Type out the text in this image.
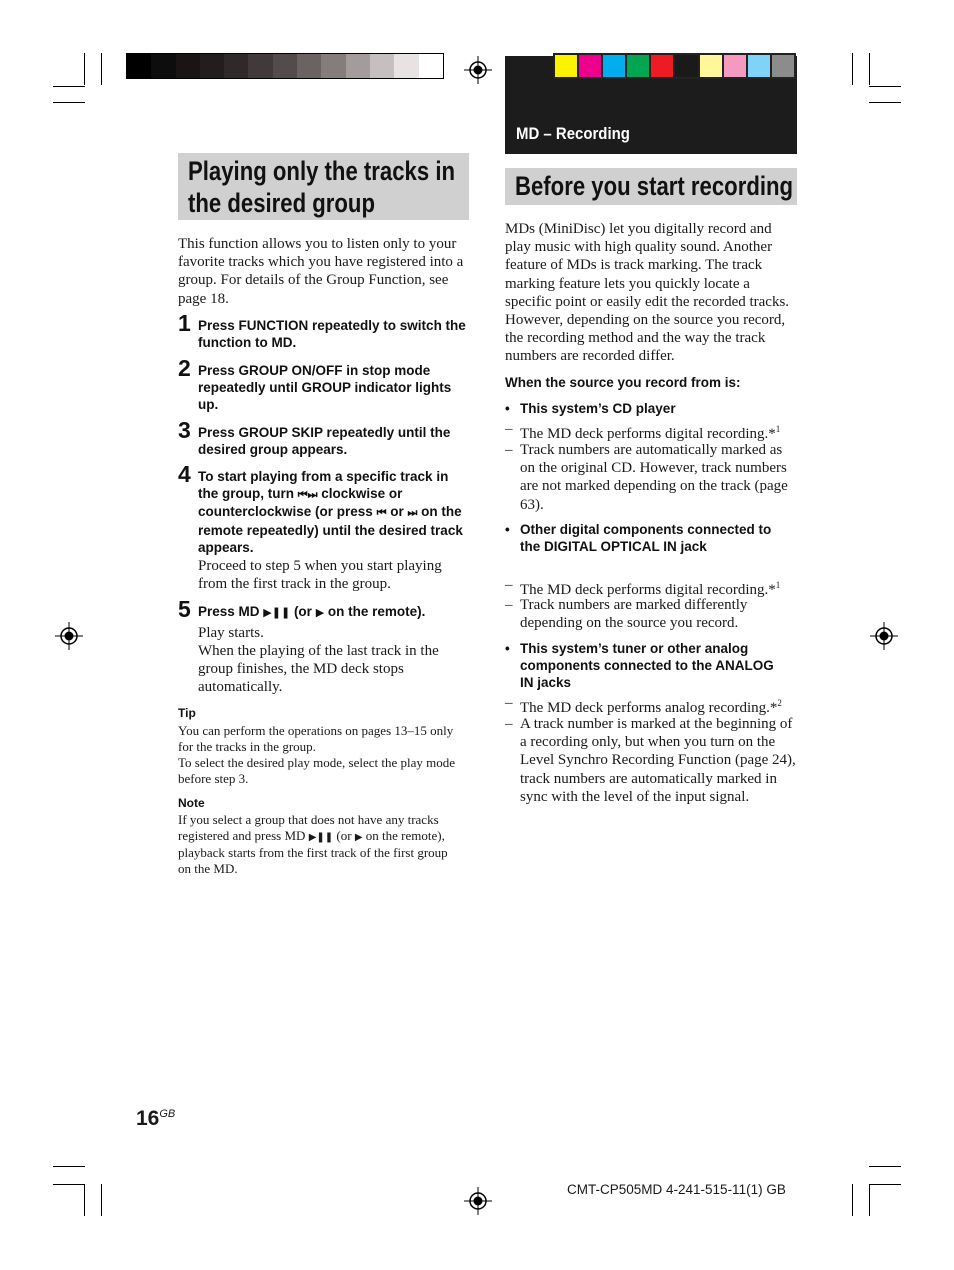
MD – Recording
Playing only the tracks in
the desired group
This function allows you to listen only to your favorite tracks which you have registered into a group. For details of the Group Function, see page 18.
1 Press FUNCTION repeatedly to switch the function to MD.
2 Press GROUP ON/OFF in stop mode repeatedly until GROUP indicator lights up.
3 Press GROUP SKIP repeatedly until the desired group appears.
4 To start playing from a specific track in the group, turn ⏮⏭ clockwise or counterclockwise (or press ⏮ or ⏭ on the remote repeatedly) until the desired track appears.
Proceed to step 5 when you start playing from the first track in the group.
5 Press MD ▶❚❚ (or ▶ on the remote).
Play starts.
When the playing of the last track in the group finishes, the MD deck stops automatically.
Tip
You can perform the operations on pages 13–15 only for the tracks in the group.
To select the desired play mode, select the play mode before step 3.
Note
If you select a group that does not have any tracks registered and press MD ▶❚❚ (or ▶ on the remote), playback starts from the first track of the first group on the MD.
Before you start recording
MDs (MiniDisc) let you digitally record and play music with high quality sound. Another feature of MDs is track marking. The track marking feature lets you quickly locate a specific point or easily edit the recorded tracks. However, depending on the source you record, the recording method and the way the track numbers are recorded differ.
When the source you record from is:
• This system’s CD player
– The MD deck performs digital recording.*$^1$
– Track numbers are automatically marked as on the original CD. However, track numbers are not marked depending on the track (page 63).
• Other digital components connected to the DIGITAL OPTICAL IN jack
– The MD deck performs digital recording.*$^1$
– Track numbers are marked differently depending on the source you record.
• This system’s tuner or other analog components connected to the ANALOG IN jacks
– The MD deck performs analog recording.*$^2$
– A track number is marked at the beginning of a recording only, but when you turn on the Level Synchro Recording Function (page 24), track numbers are automatically marked in sync with the level of the input signal.
$16^{GB}$
CMT-CP505MD 4-241-515-11(1) GB
